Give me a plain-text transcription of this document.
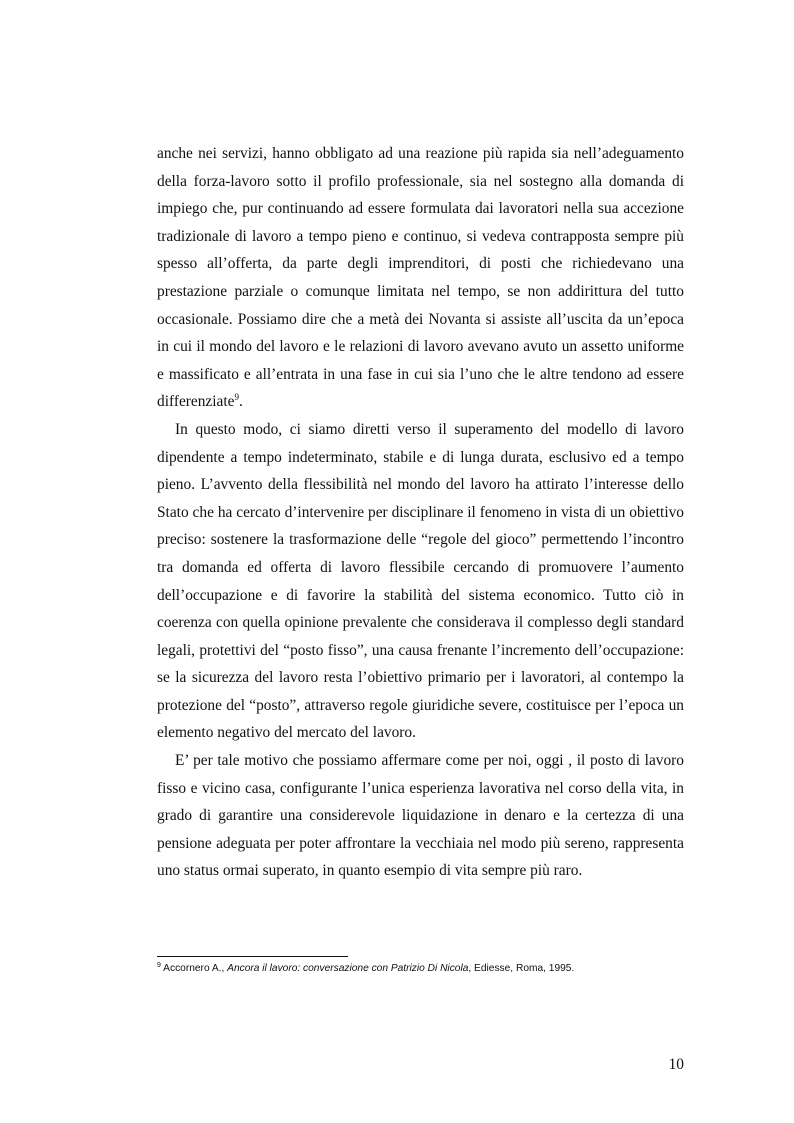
anche nei servizi, hanno obbligato ad una reazione più rapida sia nell’adeguamento della forza-lavoro sotto il profilo professionale, sia nel sostegno alla domanda di impiego che, pur continuando ad essere formulata dai lavoratori nella sua accezione tradizionale di lavoro a tempo pieno e continuo, si vedeva contrapposta sempre più spesso all’offerta, da parte degli imprenditori, di posti che richiedevano una prestazione parziale o comunque limitata nel tempo, se non addirittura del tutto occasionale. Possiamo dire che a metà dei Novanta si assiste all’uscita da un’epoca in cui il mondo del lavoro e le relazioni di lavoro avevano avuto un assetto uniforme e massificato e all’entrata in una fase in cui sia l’uno che le altre tendono ad essere differenziate$^9$.

In questo modo, ci siamo diretti verso il superamento del modello di lavoro dipendente a tempo indeterminato, stabile e di lunga durata, esclusivo ed a tempo pieno. L’avvento della flessibilità nel mondo del lavoro ha attirato l’interesse dello Stato che ha cercato d’intervenire per disciplinare il fenomeno in vista di un obiettivo preciso: sostenere la trasformazione delle “regole del gioco” permettendo l’incontro tra domanda ed offerta di lavoro flessibile cercando di promuovere l’aumento dell’occupazione e di favorire la stabilità del sistema economico. Tutto ciò in coerenza con quella opinione prevalente che considerava il complesso degli standard legali, protettivi del “posto fisso”, una causa frenante l’incremento dell’occupazione: se la sicurezza del lavoro resta l’obiettivo primario per i lavoratori, al contempo la protezione del “posto”, attraverso regole giuridiche severe, costituisce per l’epoca un elemento negativo del mercato del lavoro.

E’ per tale motivo che possiamo affermare come per noi, oggi , il posto di lavoro fisso e vicino casa, configurante l’unica esperienza lavorativa nel corso della vita, in grado di garantire una considerevole liquidazione in denaro e la certezza di una pensione adeguata per poter affrontare la vecchiaia nel modo più sereno, rappresenta uno status ormai superato, in quanto esempio di vita sempre più raro.

$^9$ Accornero A., Ancora il lavoro: conversazione con Patrizio Di Nicola, Ediesse, Roma, 1995.
10
